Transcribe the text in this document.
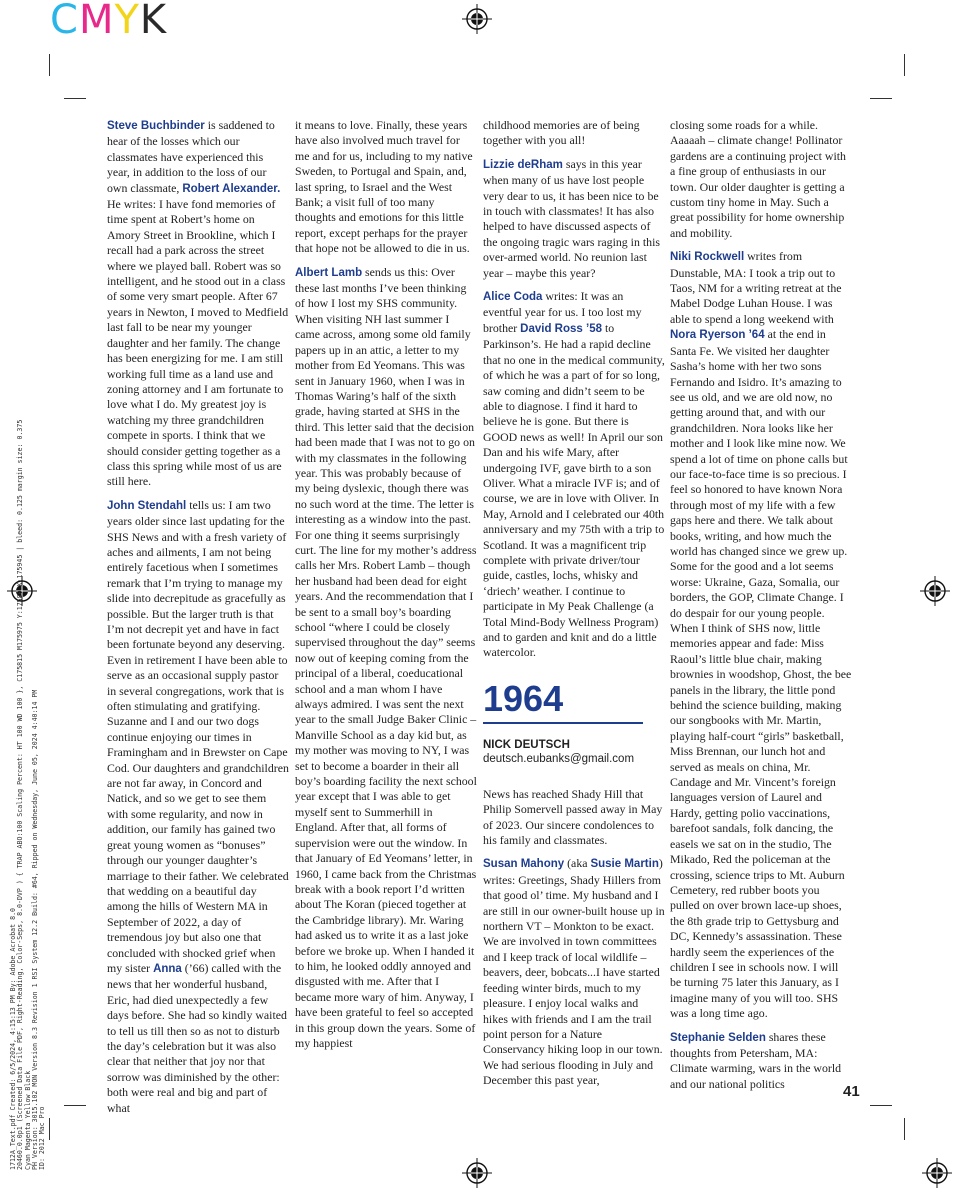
CMYK
1712A_Text.pdf Created: 6/5/2024, 4:15:13 PM By: Adobe Acrobat 8.0 20460.0.0p1 (Screened Data File PDF, Right-Reading, Color-Seps, 8.0-DVP ) { TRAP ABO:100 Scaling Percent: HT 100 WD 100 }, C175815 M175975 Y:17580 K:175945 | bleed: 0.125 margin size: 0.375 Cyan Magenta Yellow Black PH Version: 3015.102 MON Version 8.3 Revision 1 RSI System 12.2 Build: #64, Ripped on Wednesday, June 05, 2024 4:40:14 PM ID: 2012 Mac Pro

Steve Buchbinder is saddened to hear of the losses which our classmates have experienced this year, in addition to the loss of our own classmate, Robert Alexander. He writes: I have fond memories of time spent at Robert’s home on Amory Street in Brookline, which I recall had a park across the street where we played ball. Robert was so intelligent, and he stood out in a class of some very smart people. After 67 years in Newton, I moved to Medfield last fall to be near my younger daughter and her family. The change has been energizing for me. I am still working full time as a land use and zoning attorney and I am fortunate to love what I do. My greatest joy is watching my three grandchildren compete in sports. I think that we should consider getting together as a class this spring while most of us are still here.

John Stendahl tells us: I am two years older since last updating for the SHS News and with a fresh variety of aches and ailments, I am not being entirely facetious when I sometimes remark that I’m trying to manage my slide into decrepitude as gracefully as possible. But the larger truth is that I’m not decrepit yet and have in fact been fortunate beyond any deserving. Even in retirement I have been able to serve as an occasional supply pastor in several congregations, work that is often stimulating and gratifying. Suzanne and I and our two dogs continue enjoying our times in Framingham and in Brewster on Cape Cod. Our daughters and grandchildren are not far away, in Concord and Natick, and so we get to see them with some regularity, and now in addition, our family has gained two great young women as “bonuses” through our younger daughter’s marriage to their father. We celebrated that wedding on a beautiful day among the hills of Western MA in September of 2022, a day of tremendous joy but also one that concluded with shocked grief when my sister Anna (’66) called with the news that her wonderful husband, Eric, had died unexpectedly a few days before. She had so kindly waited to tell us till then so as not to disturb the day’s celebration but it was also clear that neither that joy nor that sorrow was diminished by the other: both were real and big and part of what

it means to love. Finally, these years have also involved much travel for me and for us, including to my native Sweden, to Portugal and Spain, and, last spring, to Israel and the West Bank; a visit full of too many thoughts and emotions for this little report, except perhaps for the prayer that hope not be allowed to die in us.

Albert Lamb sends us this: Over these last months I’ve been thinking of how I lost my SHS community. When visiting NH last summer I came across, among some old family papers up in an attic, a letter to my mother from Ed Yeomans. This was sent in January 1960, when I was in Thomas Waring’s half of the sixth grade, having started at SHS in the third. This letter said that the decision had been made that I was not to go on with my classmates in the following year. This was probably because of my being dyslexic, though there was no such word at the time. The letter is interesting as a window into the past. For one thing it seems surprisingly curt. The line for my mother’s address calls her Mrs. Robert Lamb – though her husband had been dead for eight years. And the recommendation that I be sent to a small boy’s boarding school “where I could be closely supervised throughout the day” seems now out of keeping coming from the principal of a liberal, coeducational school and a man whom I have always admired. I was sent the next year to the small Judge Baker Clinic – Manville School as a day kid but, as my mother was moving to NY, I was set to become a boarder in their all boy’s boarding facility the next school year except that I was able to get myself sent to Summerhill in England. After that, all forms of supervision were out the window. In that January of Ed Yeomans’ letter, in 1960, I came back from the Christmas break with a book report I’d written about The Koran (pieced together at the Cambridge library). Mr. Waring had asked us to write it as a last joke before we broke up. When I handed it to him, he looked oddly annoyed and disgusted with me. After that I became more wary of him. Anyway, I have been grateful to feel so accepted in this group down the years. Some of my happiest

childhood memories are of being together with you all!

Lizzie deRham says in this year when many of us have lost people very dear to us, it has been nice to be in touch with classmates! It has also helped to have discussed aspects of the ongoing tragic wars raging in this over-armed world. No reunion last year – maybe this year?

Alice Coda writes: It was an eventful year for us. I too lost my brother David Ross ’58 to Parkinson’s. He had a rapid decline that no one in the medical community, of which he was a part of for so long, saw coming and didn’t seem to be able to diagnose. I find it hard to believe he is gone. But there is GOOD news as well! In April our son Dan and his wife Mary, after undergoing IVF, gave birth to a son Oliver. What a miracle IVF is; and of course, we are in love with Oliver. In May, Arnold and I celebrated our 40th anniversary and my 75th with a trip to Scotland. It was a magnificent trip complete with private driver/tour guide, castles, lochs, whisky and ‘driech’ weather. I continue to participate in My Peak Challenge (a Total Mind-Body Wellness Program) and to garden and knit and do a little watercolor.

1964
NICK DEUTSCH
deutsch.eubanks@gmail.com

News has reached Shady Hill that Philip Somervell passed away in May of 2023. Our sincere condolences to his family and classmates.

Susan Mahony (aka Susie Martin) writes: Greetings, Shady Hillers from that good ol’ time. My husband and I are still in our owner-built house up in northern VT – Monkton to be exact. We are involved in town committees and I keep track of local wildlife – beavers, deer, bobcats...I have started feeding winter birds, much to my pleasure. I enjoy local walks and hikes with friends and I am the trail point person for a Nature Conservancy hiking loop in our town. We had serious flooding in July and December this past year,

closing some roads for a while. Aaaaah – climate change! Pollinator gardens are a continuing project with a fine group of enthusiasts in our town. Our older daughter is getting a custom tiny home in May. Such a great possibility for home ownership and mobility.

Niki Rockwell writes from Dunstable, MA: I took a trip out to Taos, NM for a writing retreat at the Mabel Dodge Luhan House. I was able to spend a long weekend with Nora Ryerson ’64 at the end in Santa Fe. We visited her daughter Sasha’s home with her two sons Fernando and Isidro. It’s amazing to see us old, and we are old now, no getting around that, and with our grandchildren. Nora looks like her mother and I look like mine now. We spend a lot of time on phone calls but our face-to-face time is so precious. I feel so honored to have known Nora through most of my life with a few gaps here and there. We talk about books, writing, and how much the world has changed since we grew up. Some for the good and a lot seems worse: Ukraine, Gaza, Somalia, our borders, the GOP, Climate Change. I do despair for our young people. When I think of SHS now, little memories appear and fade: Miss Raoul’s little blue chair, making brownies in woodshop, Ghost, the bee panels in the library, the little pond behind the science building, making our songbooks with Mr. Martin, playing half-court “girls” basketball, Miss Brennan, our lunch hot and served as meals on china, Mr. Candage and Mr. Vincent’s foreign languages version of Laurel and Hardy, getting polio vaccinations, barefoot sandals, folk dancing, the easels we sat on in the studio, The Mikado, Red the policeman at the crossing, science trips to Mt. Auburn Cemetery, red rubber boots you pulled on over brown lace-up shoes, the 8th grade trip to Gettysburg and DC, Kennedy’s assassination. These hardly seem the experiences of the children I see in schools now. I will be turning 75 later this January, as I imagine many of you will too. SHS was a long time ago.

Stephanie Selden shares these thoughts from Petersham, MA: Climate warming, wars in the world and our national politics	41
